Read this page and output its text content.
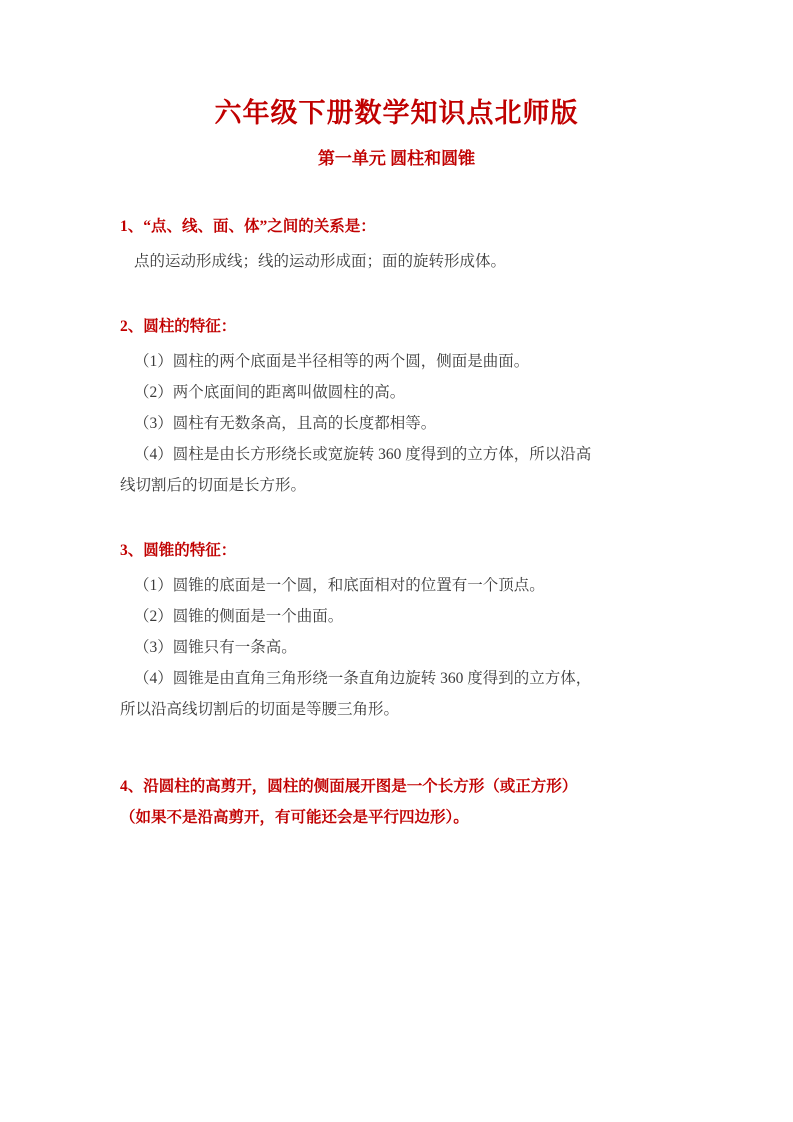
六年级下册数学知识点北师版
第一单元 圆柱和圆锥

1、“点、线、面、体”之间的关系是：

点的运动形成线；线的运动形成面；面的旋转形成体。

2、圆柱的特征：

（1）圆柱的两个底面是半径相等的两个圆，侧面是曲面。

（2）两个底面间的距离叫做圆柱的高。

（3）圆柱有无数条高，且高的长度都相等。

（4）圆柱是由长方形绕长或宽旋转 360 度得到的立方体，所以沿高

线切割后的切面是长方形。

3、圆锥的特征：

（1）圆锥的底面是一个圆，和底面相对的位置有一个顶点。

（2）圆锥的侧面是一个曲面。

（3）圆锥只有一条高。

（4）圆锥是由直角三角形绕一条直角边旋转 360 度得到的立方体，

所以沿高线切割后的切面是等腰三角形。

4、沿圆柱的高剪开，圆柱的侧面展开图是一个长方形（或正方形）

（如果不是沿高剪开，有可能还会是平行四边形）。
